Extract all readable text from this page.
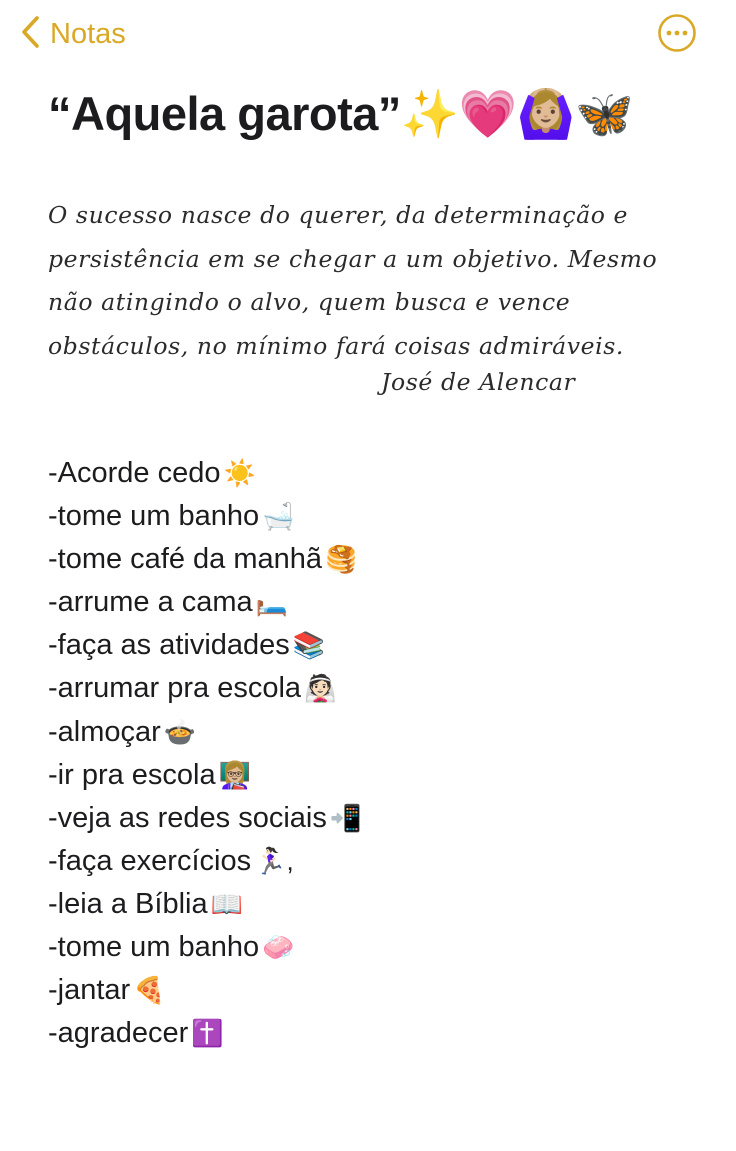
Notas
“Aquela garota”✨💗🙆🏼‍♀️🦋
O sucesso nasce do querer, da determinação e
persistência em se chegar a um objetivo. Mesmo
não atingindo o alvo, quem busca e vence
obstáculos, no mínimo fará coisas admiráveis.
José de Alencar
-Acorde cedo ☀️
-tome um banho 🛁
-tome café da manhã 🥞
-arrume a cama 🛏️
-faça as atividades 📚
-arrumar pra escola 👰🏻
-almoçar 🍲
-ir pra escola 👩🏼‍🏫
-veja as redes sociais 📲
-faça exercícios 🏃🏻‍♀️,
-leia a Bíblia 📖
-tome um banho 🧼
-jantar 🍕
-agradecer ✝️
